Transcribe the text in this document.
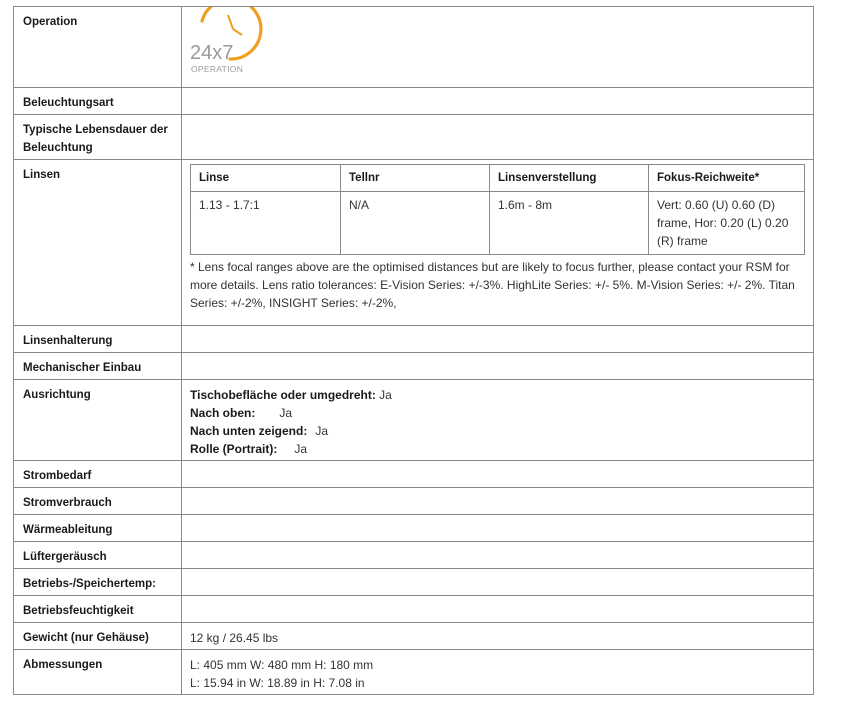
Operation	
24x7
OPERATION

Beleuchtungsart	
Typische Lebensdauer der Beleuchtung	
Linsen		Linse	Tellnr	Linsenverstellung	Fokus-Reichweite*
1.13 - 1.7:1	N/A	1.6m - 8m	Vert: 0.60 (U) 0.60 (D) frame, Hor: 0.20 (L) 0.20 (R) frame
* Lens focal ranges above are the optimised distances but are likely to focus further, please contact your RSM for more details. Lens ratio tolerances: E-Vision Series: +/-3%. HighLite Series: +/- 5%. M-Vision Series: +/- 2%. Titan Series: +/-2%, INSIGHT Series: +/-2%,

Linsenhalterung	
Mechanischer Einbau	
Ausrichtung	Tischobefläche oder umgedreht: Ja
Nach oben: Ja
Nach unten zeigend: Ja
Rolle (Portrait): Ja

Strombedarf	
Stromverbrauch	
Wärmeableitung	
Lüftergeräusch	
Betriebs-/Speichertemp:	
Betriebsfeuchtigkeit	
Gewicht (nur Gehäuse)	12 kg / 26.45 lbs
Abmessungen	L: 405 mm W: 480 mm H: 180 mm
L: 15.94 in W: 18.89 in H: 7.08 in
